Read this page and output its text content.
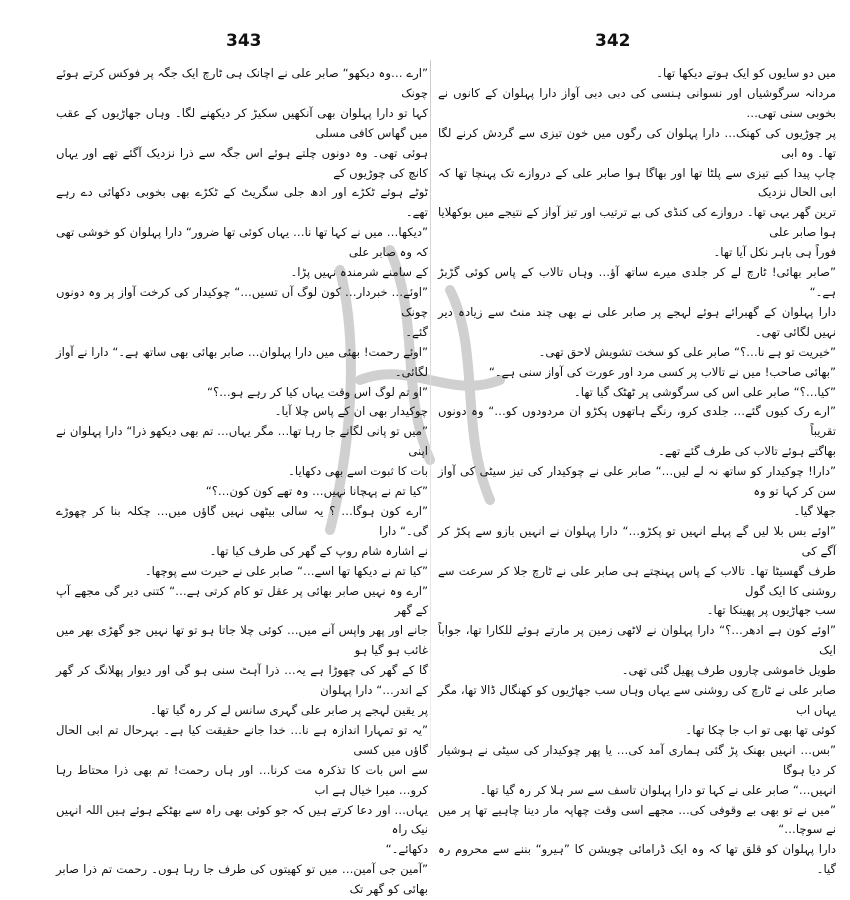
343	342

”ارے …وہ دیکھو“ صابر علی نے اچانک ہی ٹارچ ایک جگہ پر فوکس کرتے ہوئے چونک

کہا تو دارا پہلوان بھی آنکھیں سکیڑ کر دیکھنے لگا۔ وہاں جھاڑیوں کے عقب میں گھاس کافی مسلی

ہوئی تھی۔ وہ دونوں چلتے ہوئے اس جگہ سے ذرا نزدیک آگئے تھے اور یہاں کانچ کی چوڑیوں کے

ٹوٹے ہوئے ٹکڑے اور ادھ جلی سگریٹ کے ٹکڑے بھی بخوبی دکھائی دے رہے تھے۔

”دیکھا… میں نے کہا تھا نا… یہاں کوئی تھا ضرور“ دارا پہلوان کو خوشی تھی کہ وہ صابر علی

کے سامنے شرمندہ نہیں پڑا۔

”اوئے… خبردار… کون لوگ آں تسیں…“ چوکیدار کی کرخت آواز پر وہ دونوں چونک

گئے۔

”اوئے رحمت! بھئی میں دارا پہلوان… صابر بھائی بھی ساتھ ہے۔“ دارا نے آواز لگائی۔

”او تم لوگ اس وقت یہاں کیا کر رہے ہو…؟“

چوکیدار بھی ان کے پاس چلا آیا۔

”میں تو پانی لگانے جا رہا تھا… مگر یہاں… تم بھی دیکھو ذرا“ دارا پہلوان نے اپنی

بات کا ثبوت اسے بھی دکھایا۔

”کیا تم نے پہچانا نہیں… وہ تھے کون کون…؟“

”ارے کون ہوگا… ؟ یہ سالی بیٹھی نہیں گاؤں میں… چکلہ بنا کر چھوڑے گی۔“ دارا

نے اشارہ شام روپ کے گھر کی طرف کیا تھا۔

”کیا تم نے دیکھا تھا اسے…“ صابر علی نے حیرت سے پوچھا۔

”ارے وہ نہیں صابر بھائی پر عقل تو کام کرتی ہے…“ کتنی دیر گی مجھے آپ کے گھر

جانے اور پھر واپس آنے میں… کوئی چلا جاتا ہو تو تھا نہیں جو گھڑی بھر میں غائب ہو گیا ہو

گا کے گھر کی چھوڑا ہے یہ… ذرا آہٹ سنی ہو گی اور دیوار پھلانگ کر گھر کے اندر…“ دارا پہلوان

پر یقین لہجے پر صابر علی گہری سانس لے کر رہ گیا تھا۔

”یہ تو تمہارا اندازہ ہے نا… خدا جانے حقیقت کیا ہے۔ بہرحال تم ابی الحال گاؤں میں کسی

سے اس بات کا تذکرہ مت کرنا… اور ہاں رحمت! تم بھی ذرا محتاط رہا کرو… میرا خیال ہے اب

یہاں… اور دعا کرتے ہیں کہ جو کوئی بھی راہ سے بھٹکے ہوئے ہیں اللہ انہیں نیک راہ

دکھائے۔“

”آمین جی آمین… میں تو کھیتوں کی طرف جا رہا ہوں۔ رحمت تم ذرا صابر بھائی کو گھر تک

میں دو سایوں کو ایک ہوتے دیکھا تھا۔

مردانہ سرگوشیاں اور نسوانی ہنسی کی دبی دبی آواز دارا پہلوان کے کانوں نے بخوبی سنی تھی…

پر چوڑیوں کی کھنک… دارا پہلوان کی رگوں میں خون تیزی سے گردش کرنے لگا تھا۔ وہ ابی

چاپ پیدا کیے تیزی سے پلٹا تھا اور بھاگا ہوا صابر علی کے دروازے تک پہنچا تھا کہ ابی الحال نزدیک

ترین گھر یہی تھا۔ دروازے کی کنڈی کی بے ترتیب اور تیز آواز کے نتیجے میں بوکھلایا ہوا صابر علی

فوراً ہی باہر نکل آیا تھا۔

”صابر بھائی! ٹارچ لے کر جلدی میرے ساتھ آؤ… وہاں تالاب کے پاس کوئی گڑبڑ ہے۔“

دارا پہلوان کے گھبرائے ہوئے لہجے پر صابر علی نے بھی چند منٹ سے زیادہ دیر نہیں لگائی تھی۔

”خیریت تو ہے نا…؟“ صابر علی کو سخت تشویش لاحق تھی۔

”بھائی صاحب! میں نے تالاب پر کسی مرد اور عورت کی آواز سنی ہے۔“

”کیا…؟“ صابر علی اس کی سرگوشی پر ٹھٹک گیا تھا۔

”ارے رک کیوں گئے… جلدی کرو، رنگے ہاتھوں پکڑو ان مردودوں کو…“ وہ دونوں تقریباً

بھاگتے ہوئے تالاب کی طرف گئے تھے۔

”دارا! چوکیدار کو ساتھ نہ لے لیں…“ صابر علی نے چوکیدار کی تیز سیٹی کی آواز سن کر کہا تو وہ

جھلا گیا۔

”اوئے بس بلا لیں گے پہلے انہیں تو پکڑو…“ دارا پہلوان نے انہیں بازو سے پکڑ کر آگے کی

طرف گھسیٹا تھا۔ تالاب کے پاس پہنچتے ہی صابر علی نے ٹارچ جلا کر سرعت سے روشنی کا ایک گول

سب جھاڑیوں پر پھینکا تھا۔

”اوئے کون ہے ادھر…؟“ دارا پہلوان نے لاٹھی زمین پر مارتے ہوئے للکارا تھا، جواباً ایک

طویل خاموشی چاروں طرف پھیل گئی تھی۔

صابر علی نے ٹارچ کی روشنی سے یہاں وہاں سب جھاڑیوں کو کھنگال ڈالا تھا، مگر یہاں اب

کوئی تھا بھی تو اب جا چکا تھا۔

”بس… انہیں بھنک پڑ گئی ہماری آمد کی… یا پھر چوکیدار کی سیٹی نے ہوشیار کر دیا ہوگا

انہیں…“ صابر علی نے کہا تو دارا پہلوان تاسف سے سر ہلا کر رہ گیا تھا۔

”میں نے تو بھی بے وقوفی کی… مجھے اسی وقت چھاپہ مار دینا چاہیے تھا پر میں نے سوچا…“

دارا پہلوان کو قلق تھا کہ وہ ایک ڈرامائی چویشن کا ”ہیرو“ بننے سے محروم رہ گیا۔
